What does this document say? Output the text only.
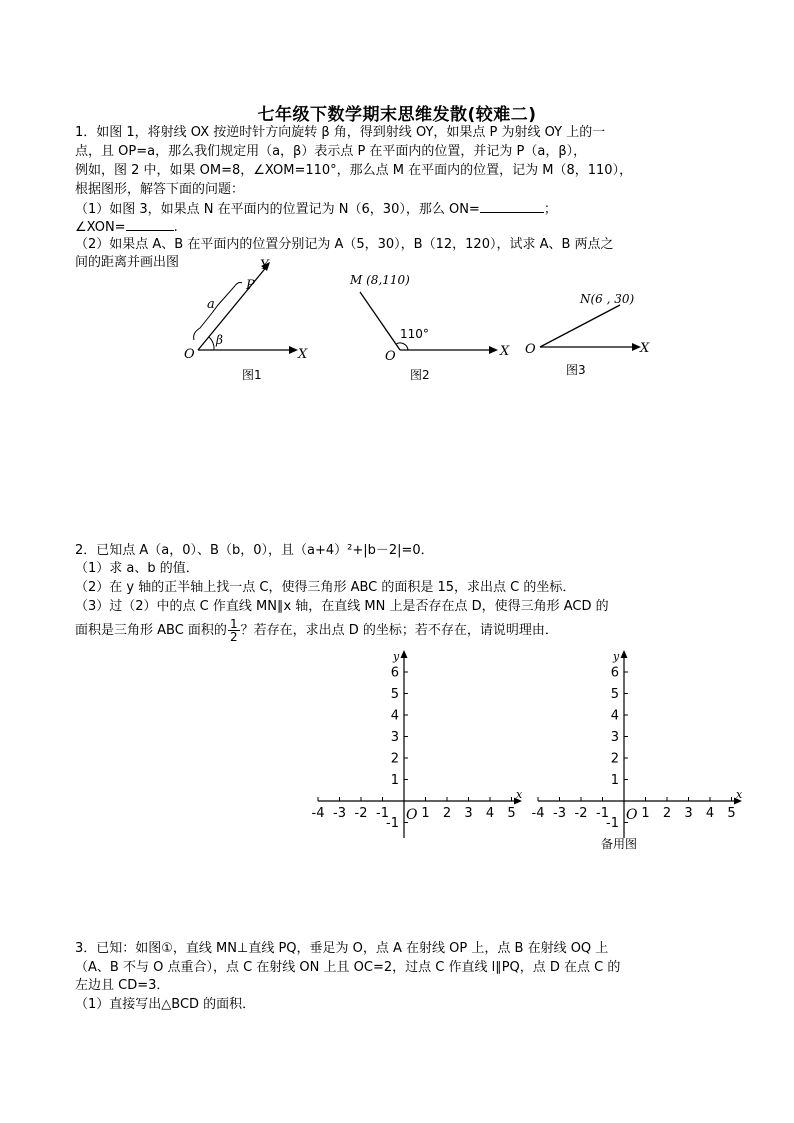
七年级下数学期末思维发散(较难二)
1．如图 1，将射线 OX 按逆时针方向旋转 β 角，得到射线 OY，如果点 P 为射线 OY 上的一
点，且 OP=a，那么我们规定用（a，β）表示点 P 在平面内的位置，并记为 P（a，β），
例如，图 2 中，如果 OM=8，∠XOM=110°，那么点 M 在平面内的位置，记为 M（8，110），
根据图形，解答下面的问题：
（1）如图 3，如果点 N 在平面内的位置记为 N（6，30），那么 ON=	；
∠XON=	.
（2）如果点 A、B 在平面内的位置分别记为 A（5，30），B（12，120），试求 A、B 两点之
间的距离并画出图
O	X
Y
P
a
β
图1
O	X
M (8,110)
110°
图2
O	X
N(6 , 30)
图3
2．已知点 A（a，0）、B（b，0），且（a+4）²+|b－2|=0．
（1）求 a、b 的值．
（2）在 y 轴的正半轴上找一点 C，使得三角形 ABC 的面积是 15，求出点 C 的坐标．
（3）过（2）中的点 C 作直线 MN∥x 轴，在直线 MN 上是否存在点 D，使得三角形 ACD 的
面积是三角形 ABC 面积的 $\frac{1}{2}$ ？若存在，求出点 D 的坐标；若不存在，请说明理由．
x
y
6
5
4
3
2
1
-1
-4 -3 -2 -1 1 2 3 4 5
O
x
y
6
5
4
3
2
1
-1
-4 -3 -2 -1 1 2 3 4 5
O
备用图
3．已知：如图①，直线 MN⊥直线 PQ，垂足为 O，点 A 在射线 OP 上，点 B 在射线 OQ 上
（A、B 不与 O 点重合），点 C 在射线 ON 上且 OC=2，过点 C 作直线 l∥PQ，点 D 在点 C 的
左边且 CD=3．
（1）直接写出△BCD 的面积．
